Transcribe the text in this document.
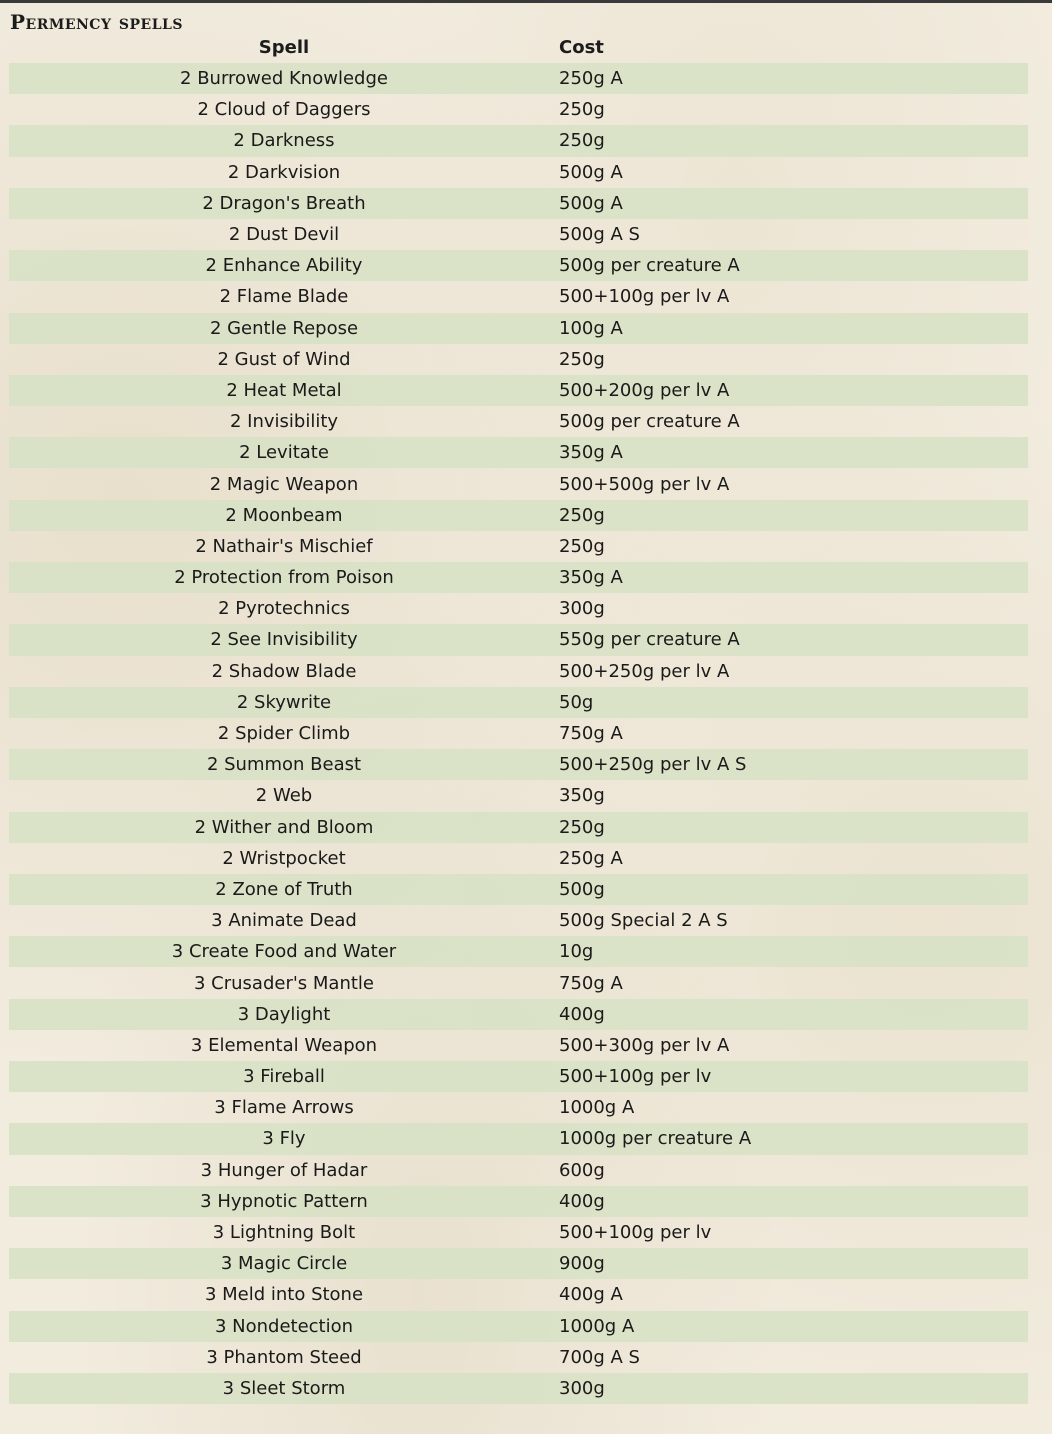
Permency spells
Spell	Cost
2 Burrowed Knowledge	250g A
2 Cloud of Daggers	250g
2 Darkness	250g
2 Darkvision	500g A
2 Dragon's Breath	500g A
2 Dust Devil	500g A S
2 Enhance Ability	500g per creature A
2 Flame Blade	500+100g per lv A
2 Gentle Repose	100g A
2 Gust of Wind	250g
2 Heat Metal	500+200g per lv A
2 Invisibility	500g per creature A
2 Levitate	350g A
2 Magic Weapon	500+500g per lv A
2 Moonbeam	250g
2 Nathair's Mischief	250g
2 Protection from Poison	350g A
2 Pyrotechnics	300g
2 See Invisibility	550g per creature A
2 Shadow Blade	500+250g per lv A
2 Skywrite	50g
2 Spider Climb	750g A
2 Summon Beast	500+250g per lv A S
2 Web	350g
2 Wither and Bloom	250g
2 Wristpocket	250g A
2 Zone of Truth	500g
3 Animate Dead	500g Special 2 A S
3 Create Food and Water	10g
3 Crusader's Mantle	750g A
3 Daylight	400g
3 Elemental Weapon	500+300g per lv A
3 Fireball	500+100g per lv
3 Flame Arrows	1000g A
3 Fly	1000g per creature A
3 Hunger of Hadar	600g
3 Hypnotic Pattern	400g
3 Lightning Bolt	500+100g per lv
3 Magic Circle	900g
3 Meld into Stone	400g A
3 Nondetection	1000g A
3 Phantom Steed	700g A S
3 Sleet Storm	300g
